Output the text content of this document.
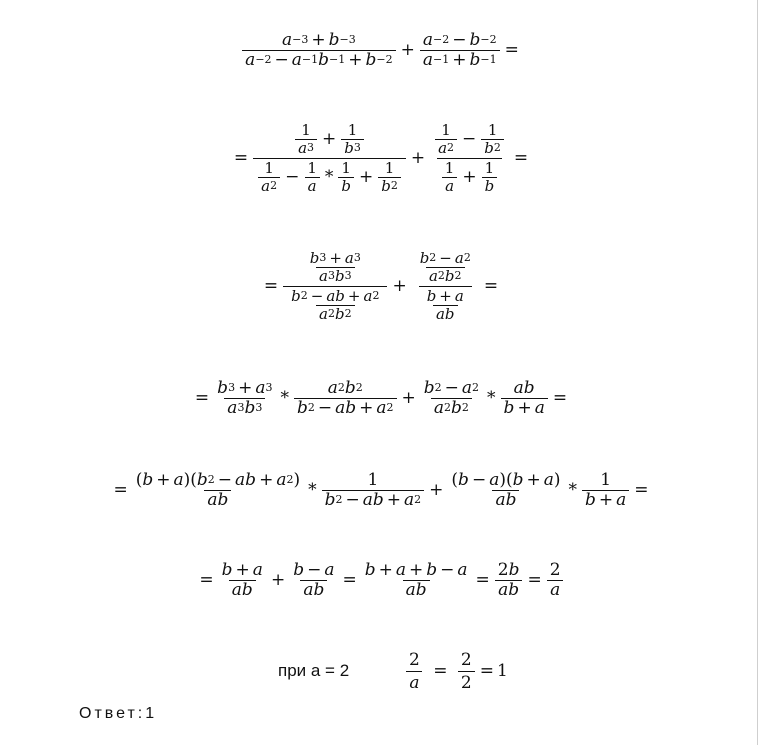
$\frac{a -3 + b -3}{a -2 - a -1 b -1 + b -2} + \frac{a -2 - b -2}{a -1 + b -1}$ =
= $\frac{\frac{1}{a 3} + \frac{1}{b 3}}{\frac{1}{a 2} - \frac{1}{a} * \frac{1}{b} + \frac{1}{b 2}} + \frac{\frac{1}{a 2} - \frac{1}{b 2}}{\frac{1}{a} + \frac{1}{b}}$ =
= $\frac{\frac{b 3 + a 3}{a 3 b 3}}{\frac{b 2 - ab + a 2}{a 2 b 2}} + \frac{\frac{b 2 - a 2}{a 2 b 2}}{\frac{b + a}{ab}}$ =
= $\frac{b 3 + a 3}{a 3 b 3} * \frac{a 2 b 2}{b 2 - ab + a 2} + \frac{b 2 - a 2}{a 2 b 2} * \frac{ab}{b + a}$ =
= $\frac{( b + a )( b 2 - ab + a 2 )}{ab} * \frac{1}{b 2 - ab + a 2} + \frac{( b - a )( b + a )}{ab} * \frac{1}{b + a}$ =
= $\frac{b + a}{ab} + \frac{b - a}{ab} = \frac{b + a + b - a}{ab} = \frac{2 b}{ab} = \frac{2}{a}$
при a = 2	$\frac{2}{a} = \frac{2}{2} = 1$
Ответ:1
